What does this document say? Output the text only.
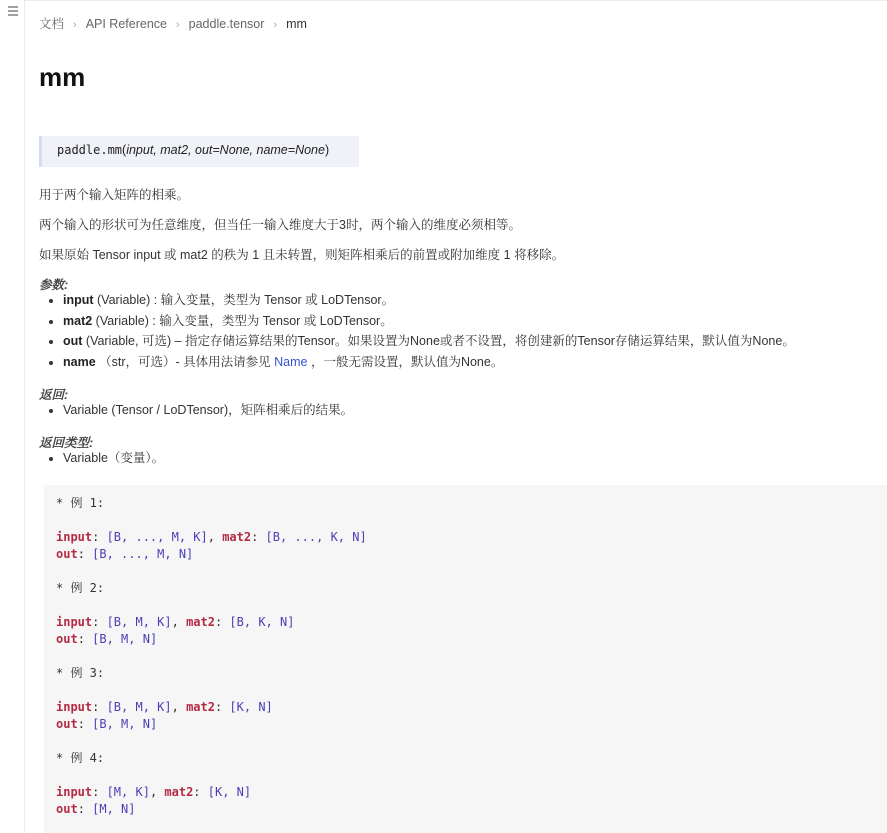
文档 › API Reference › paddle.tensor › mm
mm
paddle.mm(input, mat2, out=None, name=None)

用于两个输入矩阵的相乘。

两个输入的形状可为任意维度，但当任一输入维度大于3时，两个输入的维度必须相等。

如果原始 Tensor input 或 mat2 的秩为 1 且未转置，则矩阵相乘后的前置或附加维度 1 将移除。

参数:

• input (Variable) : 输入变量，类型为 Tensor 或 LoDTensor。
• mat2 (Variable) : 输入变量，类型为 Tensor 或 LoDTensor。
• out (Variable, 可选) – 指定存储运算结果的Tensor。如果设置为None或者不设置，将创建新的Tensor存储运算结果，默认值为None。
• name （str，可选）- 具体用法请参见 Name ，一般无需设置，默认值为None。

返回:

• Variable (Tensor / LoDTensor)，矩阵相乘后的结果。

返回类型:

• Variable（变量）。
* 例 1:
input: [B, ..., M, K], mat2: [B, ..., K, N]
out: [B, ..., M, N]
* 例 2:
input: [B, M, K], mat2: [B, K, N]
out: [B, M, N]
* 例 3:
input: [B, M, K], mat2: [K, N]
out: [B, M, N]
* 例 4:
input: [M, K], mat2: [K, N]
out: [M, N]
